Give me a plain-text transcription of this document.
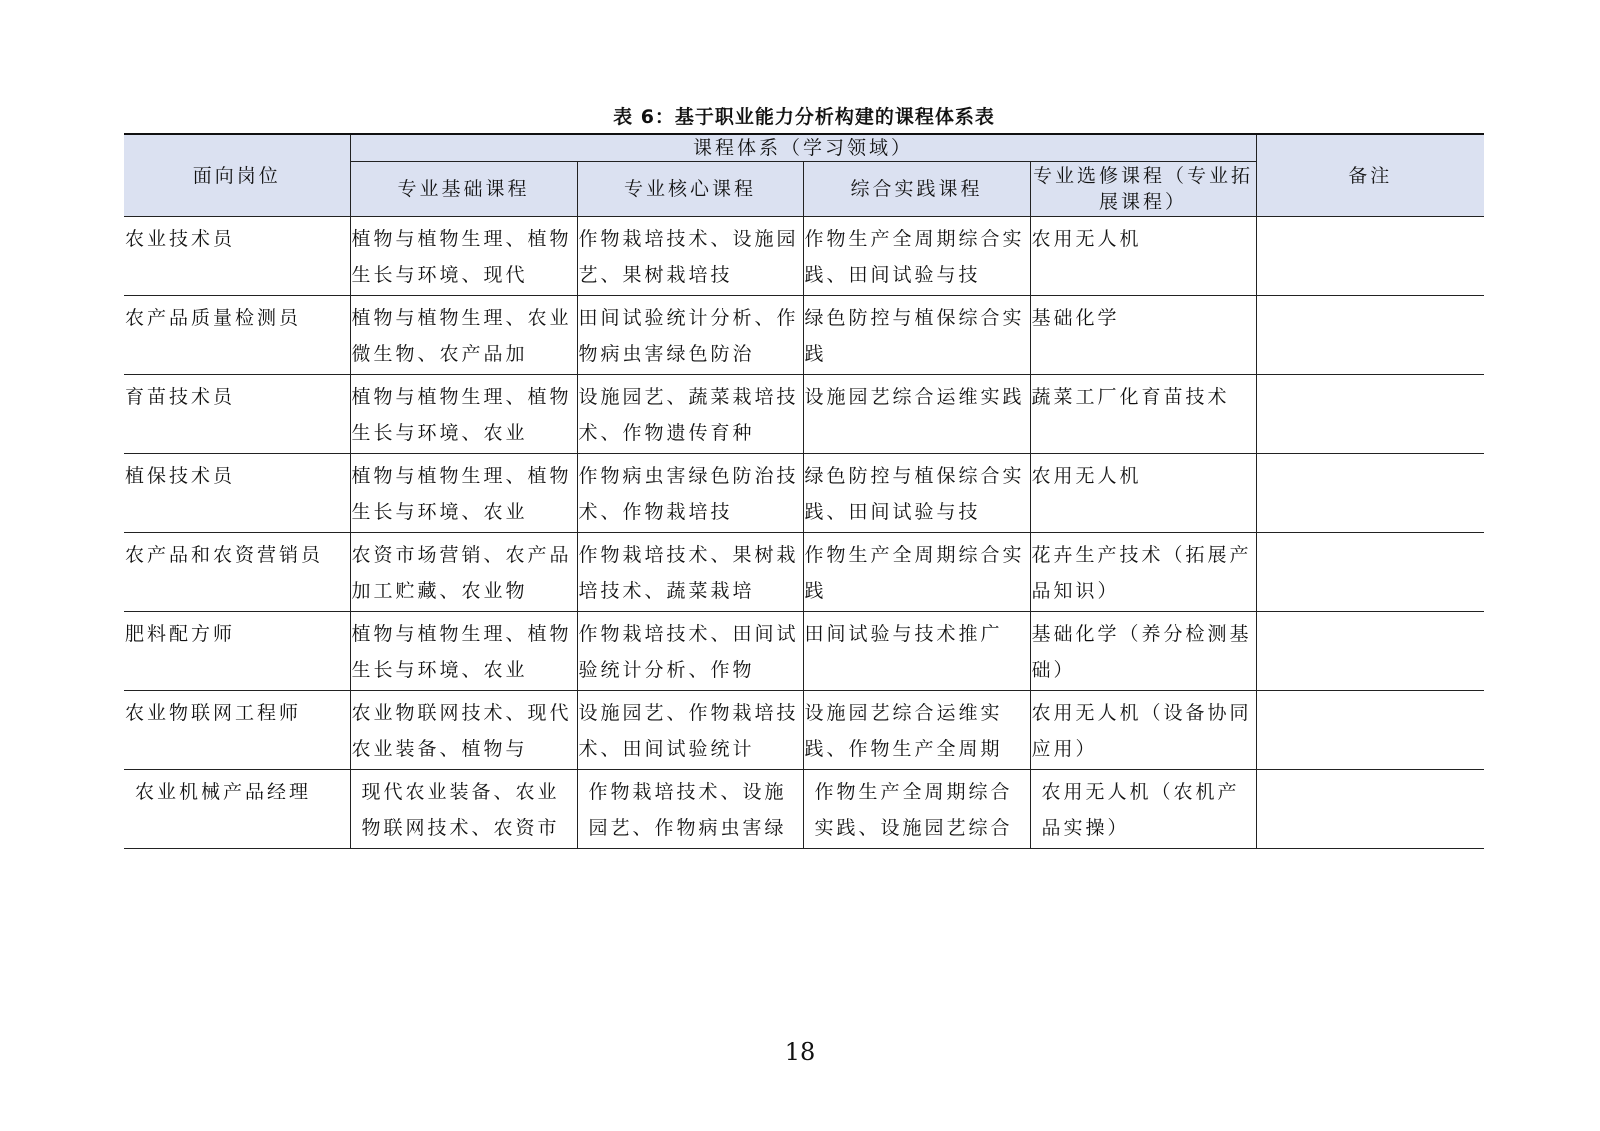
表 6：基于职业能力分析构建的课程体系表
面向岗位	课程体系（学习领域）				备注
	专业基础课程	专业核心课程	综合实践课程	专业选修课程（专业拓展课程）	

农业技术员	植物与植物生理、植物生长与环境、现代	作物栽培技术、设施园艺、果树栽培技	作物生产全周期综合实践、田间试验与技	农用无人机	

农产品质量检测员	植物与植物生理、农业微生物、农产品加	田间试验统计分析、作物病虫害绿色防治	绿色防控与植保综合实践	基础化学	

育苗技术员	植物与植物生理、植物生长与环境、农业	设施园艺、蔬菜栽培技术、作物遗传育种	设施园艺综合运维实践	蔬菜工厂化育苗技术	

植保技术员	植物与植物生理、植物生长与环境、农业	作物病虫害绿色防治技术、作物栽培技	绿色防控与植保综合实践、田间试验与技	农用无人机	

农产品和农资营销员	农资市场营销、农产品加工贮藏、农业物	作物栽培技术、果树栽培技术、蔬菜栽培	作物生产全周期综合实践	花卉生产技术（拓展产品知识）	

肥料配方师	植物与植物生理、植物生长与环境、农业	作物栽培技术、田间试验统计分析、作物	田间试验与技术推广	基础化学（养分检测基础）	

农业物联网工程师	农业物联网技术、现代农业装备、植物与	设施园艺、作物栽培技术、田间试验统计	设施园艺综合运维实践、作物生产全周期	农用无人机（设备协同应用）	

农业机械产品经理	现代农业装备、农业物联网技术、农资市	作物栽培技术、设施园艺、作物病虫害绿	作物生产全周期综合实践、设施园艺综合	农用无人机（农机产品实操）	

18
